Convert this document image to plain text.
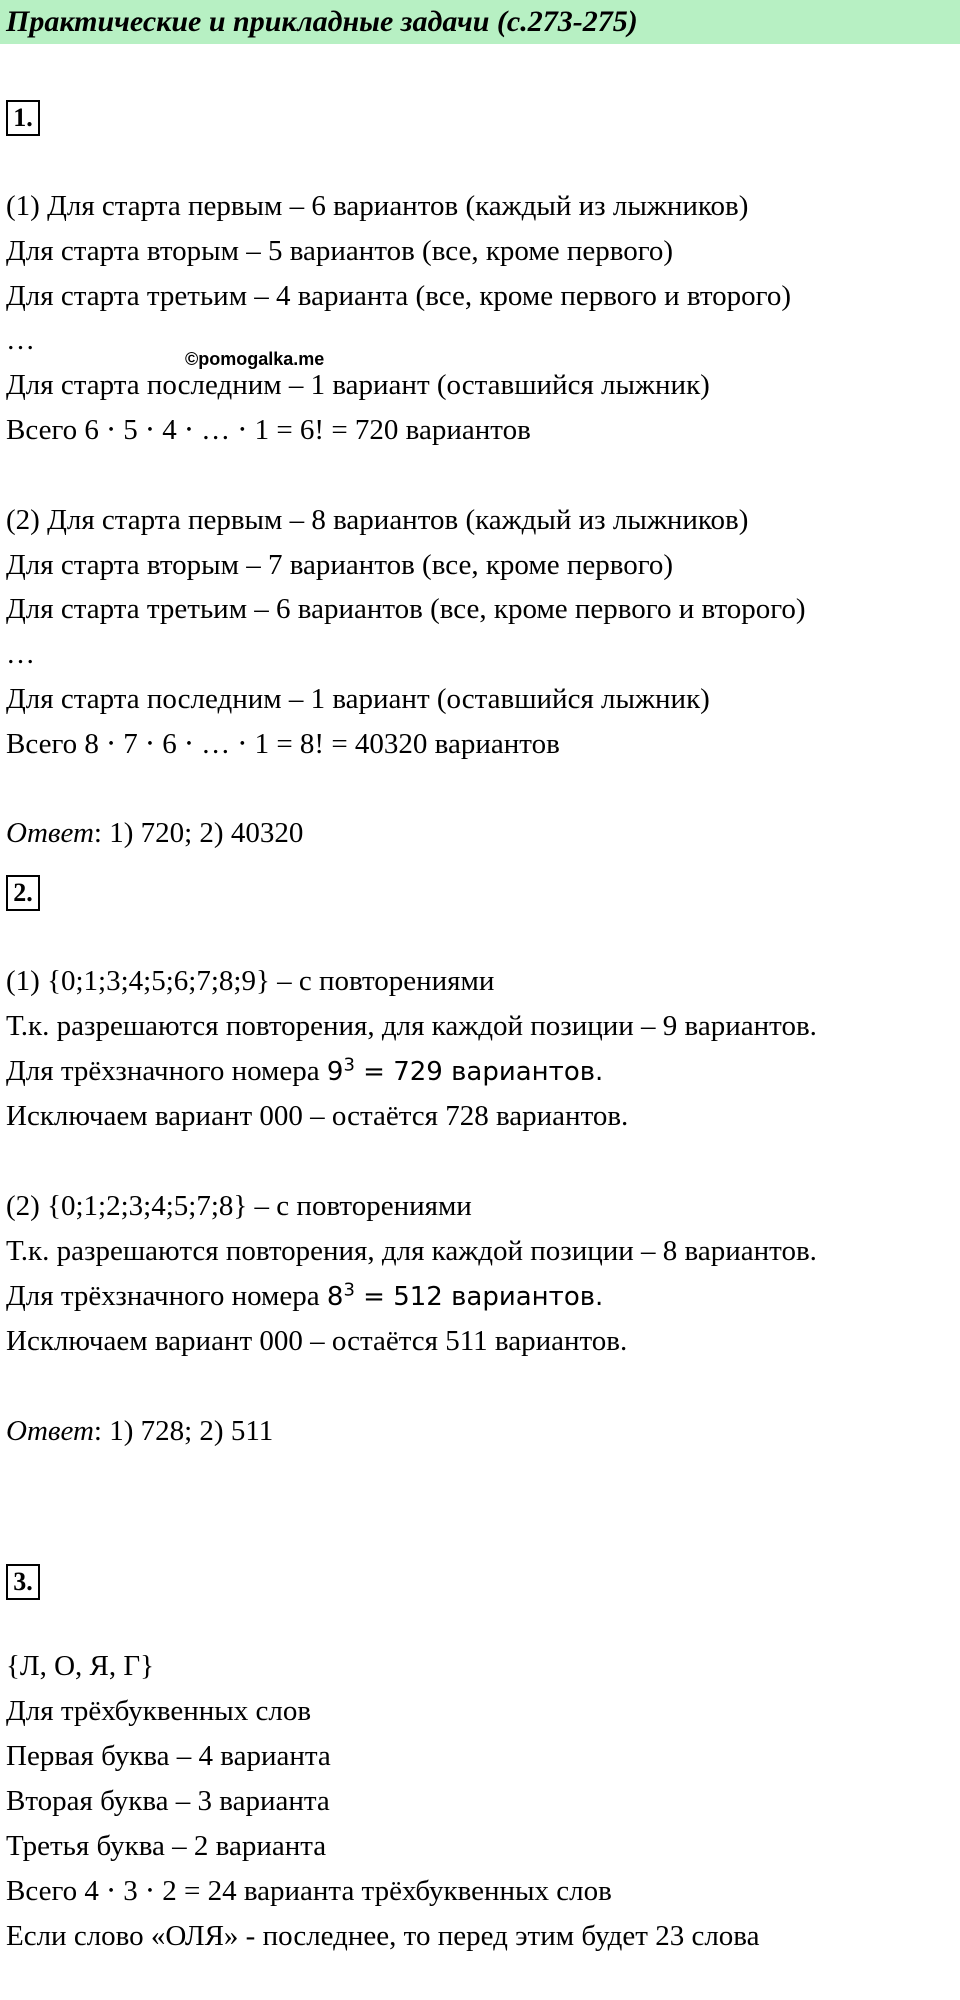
Практические и прикладные задачи (с.273-275)
©pomogalka.me
1.
(1) Для старта первым – 6 вариантов (каждый из лыжников)
Для старта вторым – 5 вариантов (все, кроме первого)
Для старта третьим – 4 варианта (все, кроме первого и второго)
…
Для старта последним – 1 вариант (оставшийся лыжник)
Всего 6 ⋅ 5 ⋅ 4 ⋅ … ⋅ 1 = 6! = 720 вариантов
(2) Для старта первым – 8 вариантов (каждый из лыжников)
Для старта вторым – 7 вариантов (все, кроме первого)
Для старта третьим – 6 вариантов (все, кроме первого и второго)
…
Для старта последним – 1 вариант (оставшийся лыжник)
Всего 8 ⋅ 7 ⋅ 6 ⋅ … ⋅ 1 = 8! = 40320 вариантов
Ответ: 1) 720; 2) 40320
2.
(1) {0;1;3;4;5;6;7;8;9} – с повторениями
Т.к. разрешаются повторения, для каждой позиции – 9 вариантов.
Для трёхзначного номера $9^3 = 729$ вариантов.
Исключаем вариант 000 – остаётся 728 вариантов.
(2) {0;1;2;3;4;5;7;8} – с повторениями
Т.к. разрешаются повторения, для каждой позиции – 8 вариантов.
Для трёхзначного номера $8^3 = 512$ вариантов.
Исключаем вариант 000 – остаётся 511 вариантов.
Ответ: 1) 728; 2) 511
3.
{Л, О, Я, Г}
Для трёхбуквенных слов
Первая буква – 4 варианта
Вторая буква – 3 варианта
Третья буква – 2 варианта
Всего 4 ⋅ 3 ⋅ 2 = 24 варианта трёхбуквенных слов
Если слово «ОЛЯ» - последнее, то перед этим будет 23 слова
